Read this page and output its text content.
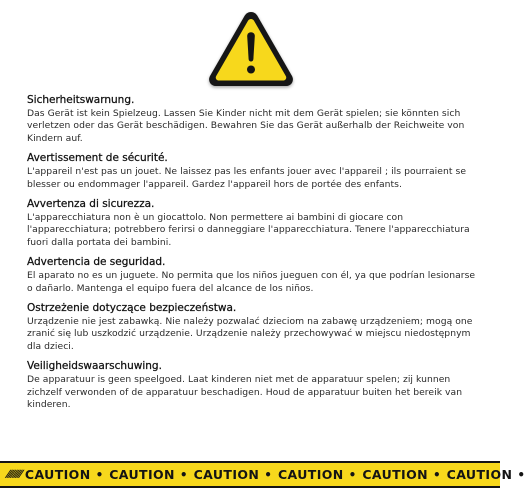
Sicherheitswarnung.
Das Gerät ist kein Spielzeug. Lassen Sie Kinder nicht mit dem Gerät spielen; sie könnten sich verletzen oder das Gerät beschädigen. Bewahren Sie das Gerät außerhalb der Reichweite von Kindern auf.
Avertissement de sécurité.
L'appareil n'est pas un jouet. Ne laissez pas les enfants jouer avec l'appareil ; ils pourraient se blesser ou endommager l'appareil. Gardez l'appareil hors de portée des enfants.
Avvertenza di sicurezza.
L'apparecchiatura non è un giocattolo. Non permettere ai bambini di giocare con l'apparecchiatura; potrebbero ferirsi o danneggiare l'apparecchiatura. Tenere l'apparecchiatura fuori dalla portata dei bambini.
Advertencia de seguridad.
El aparato no es un juguete. No permita que los niños jueguen con él, ya que podrían lesionarse o dañarlo. Mantenga el equipo fuera del alcance de los niños.
Ostrzeżenie dotyczące bezpieczeństwa.
Urządzenie nie jest zabawką. Nie należy pozwalać dzieciom na zabawę urządzeniem; mogą one zranić się lub uszkodzić urządzenie. Urządzenie należy przechowywać w miejscu niedostępnym dla dzieci.
Veiligheidswaarschuwing.
De apparatuur is geen speelgoed. Laat kinderen niet met de apparatuur spelen; zij kunnen zichzelf verwonden of de apparatuur beschadigen. Houd de apparatuur buiten het bereik van kinderen.
///////// CAUTION • CAUTION • CAUTION • CAUTION • CAUTION • CAUTION •
